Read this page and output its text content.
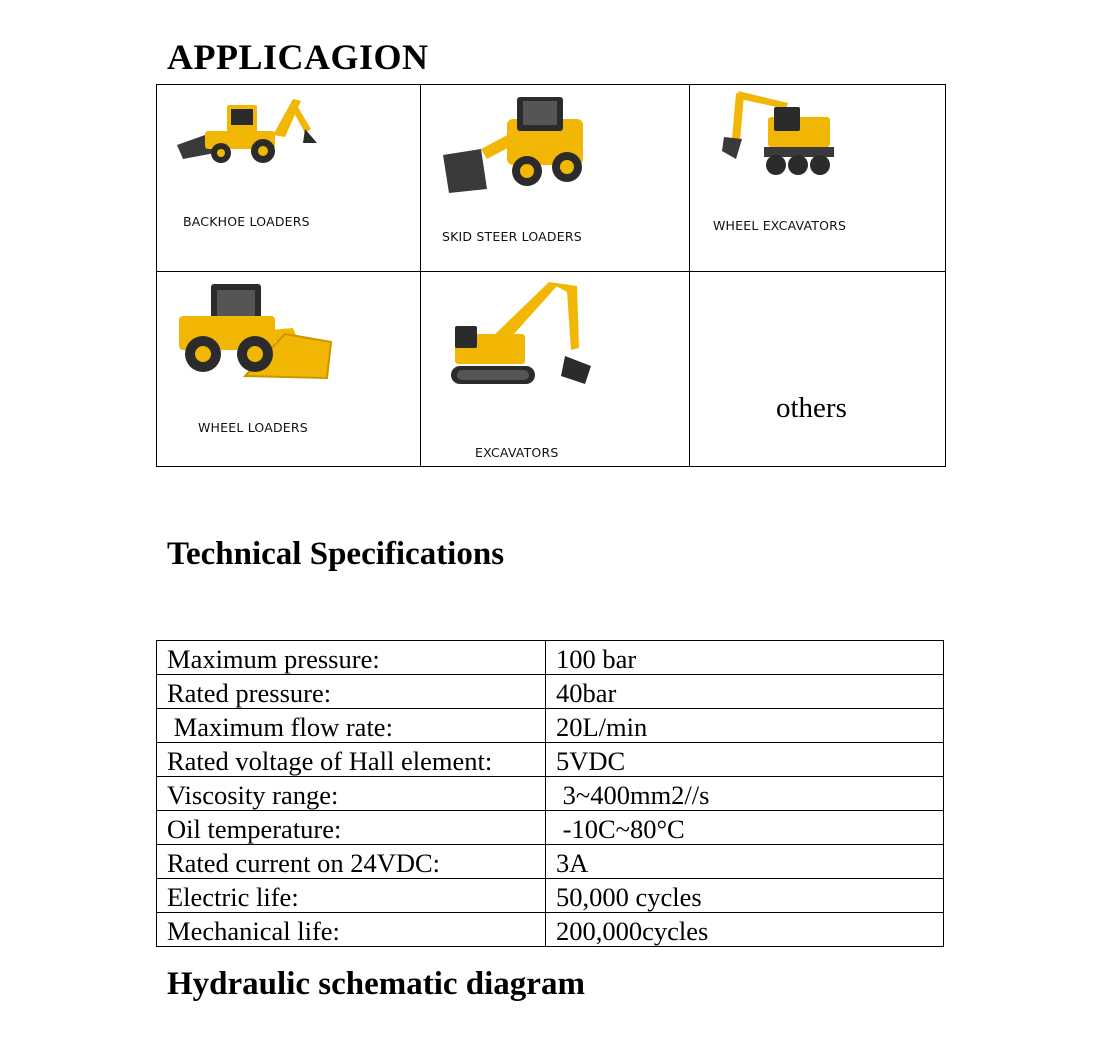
APPLICAGION
BACKHOE LOADERS	SKID STEER LOADERS	WHEEL EXCAVATORS

WHEEL LOADERS	EXCAVATORS	others
Technical Specifications
Maximum pressure:	100 bar
Rated pressure:	40bar
Maximum flow rate:	20L/min
Rated voltage of Hall element:	5VDC
Viscosity range:	3~400mm2//s
Oil temperature:	-10C~80°C
Rated current on 24VDC:	3A
Electric life:	50,000 cycles
Mechanical life:	200,000cycles
Hydraulic schematic diagram
